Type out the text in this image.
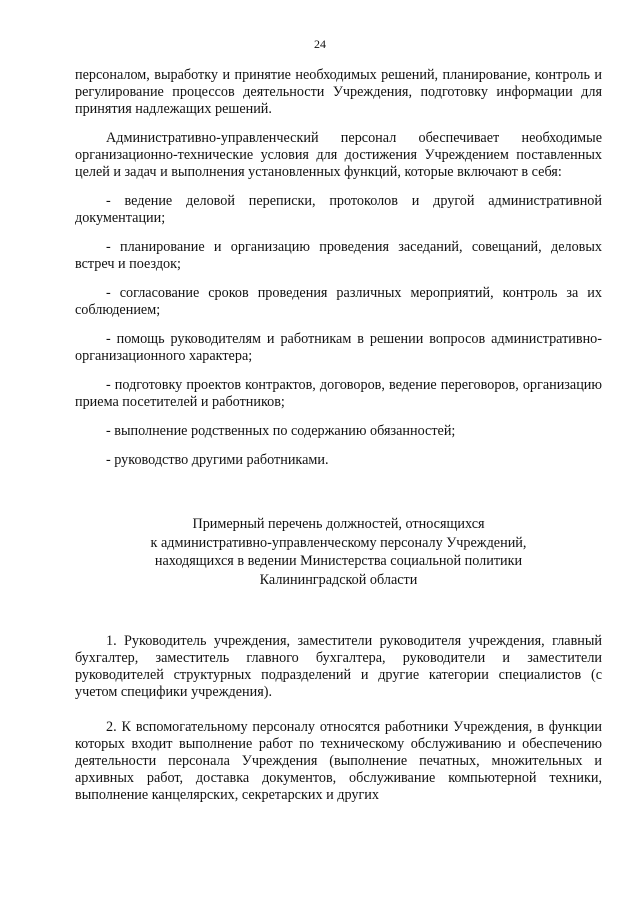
24

персоналом, выработку и принятие необходимых решений, планирование, контроль и регулирование процессов деятельности Учреждения, подготовку информации для принятия надлежащих решений.

Административно-управленческий персонал обеспечивает необходимые организационно-технические условия для достижения Учреждением поставленных целей и задач и выполнения установленных функций, которые включают в себя:

- ведение деловой переписки, протоколов и другой административной документации;

- планирование и организацию проведения заседаний, совещаний, деловых встреч и поездок;

- согласование сроков проведения различных мероприятий, контроль за их соблюдением;

- помощь руководителям и работникам в решении вопросов административно-организационного характера;

- подготовку проектов контрактов, договоров, ведение переговоров, организацию приема посетителей и работников;

- выполнение родственных по содержанию обязанностей;

- руководство другими работниками.

Примерный перечень должностей, относящихся
к административно-управленческому персоналу Учреждений,
находящихся в ведении Министерства социальной политики
Калининградской области

1. Руководитель учреждения, заместители руководителя учреждения, главный бухгалтер, заместитель главного бухгалтера, руководители и заместители руководителей структурных подразделений и другие категории специалистов (с учетом специфики учреждения).

2. К вспомогательному персоналу относятся работники Учреждения, в функции которых входит выполнение работ по техническому обслуживанию и обеспечению деятельности персонала Учреждения (выполнение печатных, множительных и архивных работ, доставка документов, обслуживание компьютерной техники, выполнение канцелярских, секретарских и других
